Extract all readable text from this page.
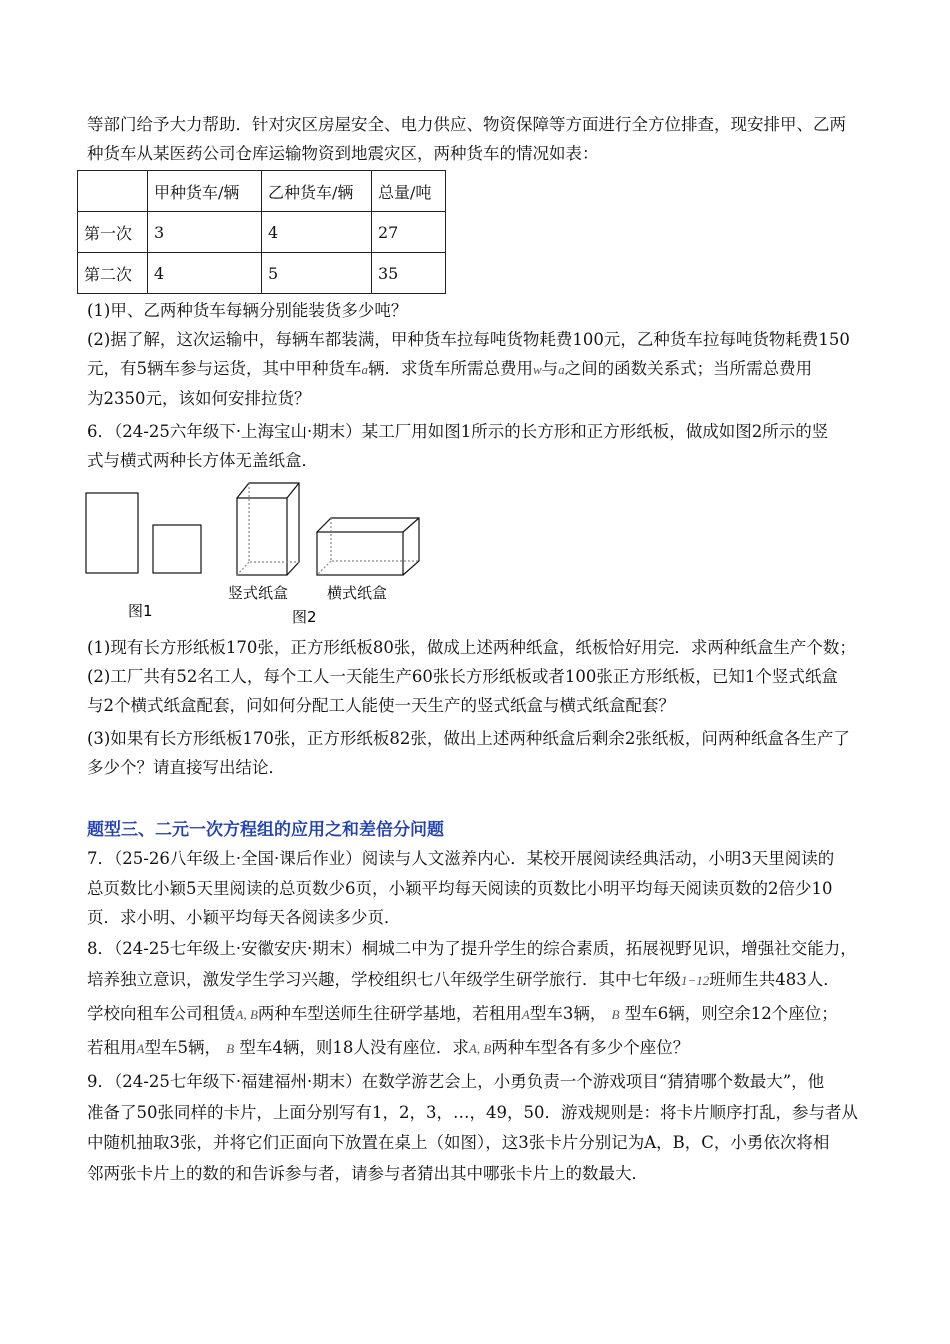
等部门给予大力帮助．针对灾区房屋安全、电力供应、物资保障等方面进行全方位排查，现安排甲、乙两
种货车从某医药公司仓库运输物资到地震灾区，两种货车的情况如表：
	甲种货车/辆	乙种货车/辆	总量/吨
第一次	3	4	27
第二次	4	5	35
(1)甲、乙两种货车每辆分别能装货多少吨？
(2)据了解，这次运输中，每辆车都装满，甲种货车拉每吨货物耗费100元，乙种货车拉每吨货物耗费150
元，有5辆车参与运货，其中甲种货车a辆．求货车所需总费用w与a之间的函数关系式；当所需总费用
为2350元，该如何安排拉货？
6．（24-25六年级下·上海宝山·期末）某工厂用如图1所示的长方形和正方形纸板，做成如图2所示的竖
式与横式两种长方体无盖纸盒．
竖式纸盒	横式纸盒
图1	图2
(1)现有长方形纸板170张，正方形纸板80张，做成上述两种纸盒，纸板恰好用完．求两种纸盒生产个数；
(2)工厂共有52名工人，每个工人一天能生产60张长方形纸板或者100张正方形纸板，已知1个竖式纸盒
与2个横式纸盒配套，问如何分配工人能使一天生产的竖式纸盒与横式纸盒配套？
(3)如果有长方形纸板170张，正方形纸板82张，做出上述两种纸盒后剩余2张纸板，问两种纸盒各生产了
多少个？请直接写出结论．
题型三、二元一次方程组的应用之和差倍分问题
7．（25-26八年级上·全国·课后作业）阅读与人文滋养内心．某校开展阅读经典活动，小明3天里阅读的
总页数比小颖5天里阅读的总页数少6页，小颖平均每天阅读的页数比小明平均每天阅读页数的2倍少10
页．求小明、小颖平均每天各阅读多少页．
8．（24-25七年级上·安徽安庆·期末）桐城二中为了提升学生的综合素质，拓展视野见识，增强社交能力，
培养独立意识，激发学生学习兴趣，学校组织七八年级学生研学旅行．其中七年级1−12班师生共483人．
学校向租车公司租赁A, B两种车型送师生往研学基地，若租用A型车3辆， B 型车6辆，则空余12个座位；
若租用A型车5辆， B 型车4辆，则18人没有座位．求A, B两种车型各有多少个座位？
9．（24-25七年级下·福建福州·期末）在数学游艺会上，小勇负责一个游戏项目“猜猜哪个数最大”，他
准备了50张同样的卡片，上面分别写有1，2，3，…，49，50．游戏规则是：将卡片顺序打乱，参与者从
中随机抽取3张，并将它们正面向下放置在桌上（如图），这3张卡片分别记为A，B，C，小勇依次将相
邻两张卡片上的数的和告诉参与者，请参与者猜出其中哪张卡片上的数最大．
